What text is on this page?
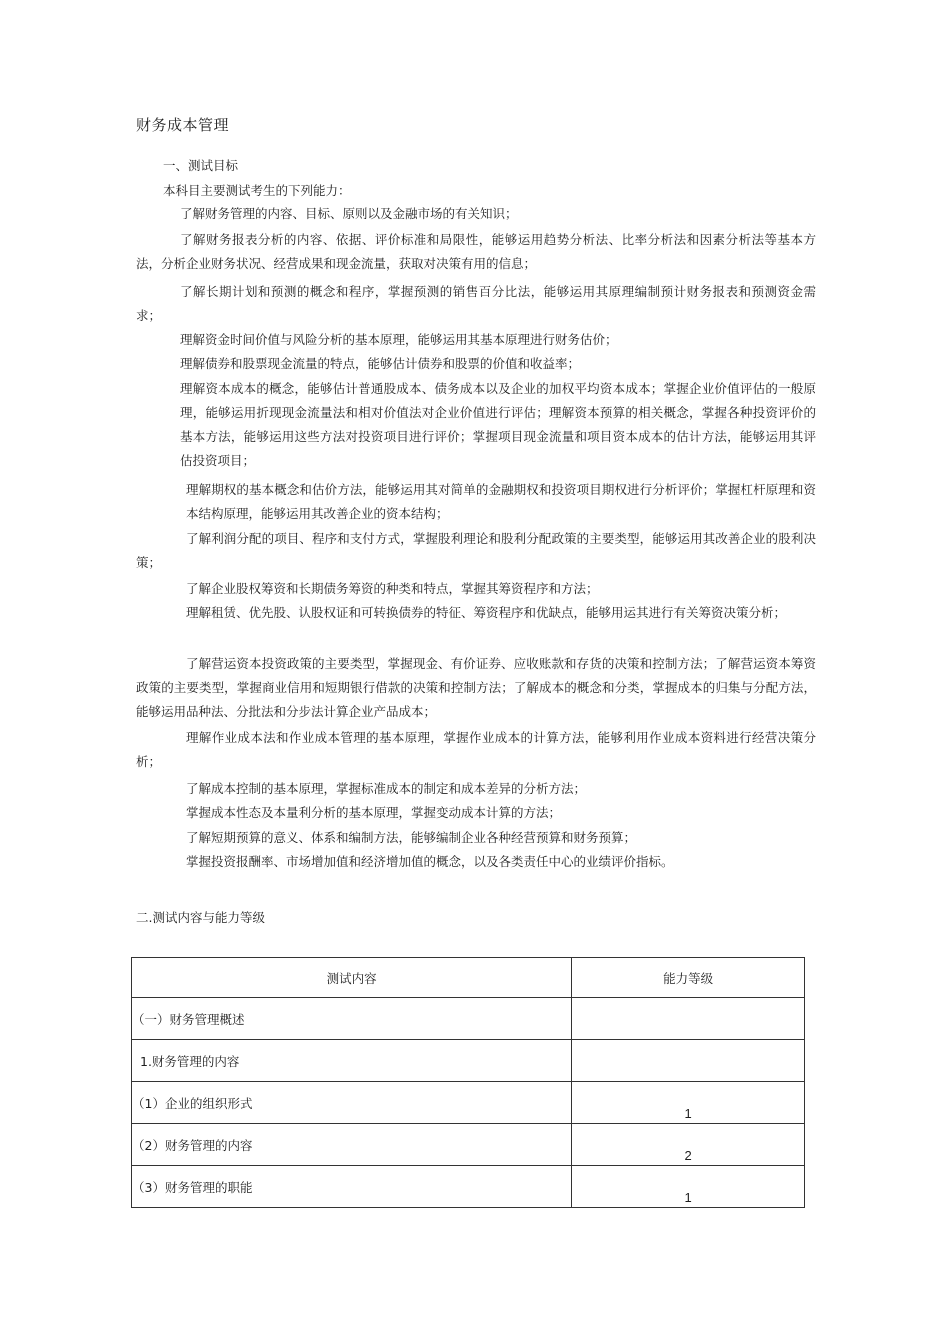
财务成本管理
一、测试目标
本科目主要测试考生的下列能力：

了解财务管理的内容、目标、原则以及金融市场的有关知识；

了解财务报表分析的内容、依据、评价标准和局限性，能够运用趋势分析法、比率分析法和因素分析法等基本方法，分析企业财务状况、经营成果和现金流量，获取对决策有用的信息；

了解长期计划和预测的概念和程序，掌握预测的销售百分比法，能够运用其原理编制预计财务报表和预测资金需求；

理解资金时间价值与风险分析的基本原理，能够运用其基本原理进行财务估价；

理解债券和股票现金流量的特点，能够估计债券和股票的价值和收益率；

理解资本成本的概念，能够估计普通股成本、债务成本以及企业的加权平均资本成本；掌握企业价值评估的一般原理，能够运用折现现金流量法和相对价值法对企业价值进行评估；理解资本预算的相关概念，掌握各种投资评价的基本方法，能够运用这些方法对投资项目进行评价；掌握项目现金流量和项目资本成本的估计方法，能够运用其评估投资项目；

理解期权的基本概念和估价方法，能够运用其对简单的金融期权和投资项目期权进行分析评价；掌握杠杆原理和资本结构原理，能够运用其改善企业的资本结构；

了解利润分配的项目、程序和支付方式，掌握股利理论和股利分配政策的主要类型，能够运用其改善企业的股利决策；

了解企业股权筹资和长期债务筹资的种类和特点，掌握其筹资程序和方法；

理解租赁、优先股、认股权证和可转换债券的特征、筹资程序和优缺点，能够用运其进行有关筹资决策分析；

了解营运资本投资政策的主要类型，掌握现金、有价证券、应收账款和存货的决策和控制方法；了解营运资本筹资政策的主要类型，掌握商业信用和短期银行借款的决策和控制方法；了解成本的概念和分类，掌握成本的归集与分配方法，能够运用品种法、分批法和分步法计算企业产品成本；

理解作业成本法和作业成本管理的基本原理，掌握作业成本的计算方法，能够利用作业成本资料进行经营决策分析；

了解成本控制的基本原理，掌握标准成本的制定和成本差异的分析方法；

掌握成本性态及本量利分析的基本原理，掌握变动成本计算的方法；

了解短期预算的意义、体系和编制方法，能够编制企业各种经营预算和财务预算；

掌握投资报酬率、市场增加值和经济增加值的概念，以及各类责任中心的业绩评价指标。

二.测试内容与能力等级
测试内容	能力等级
（一）财务管理概述	
1.财务管理的内容	
（1）企业的组织形式	1
（2）财务管理的内容	2
（3）财务管理的职能	1
